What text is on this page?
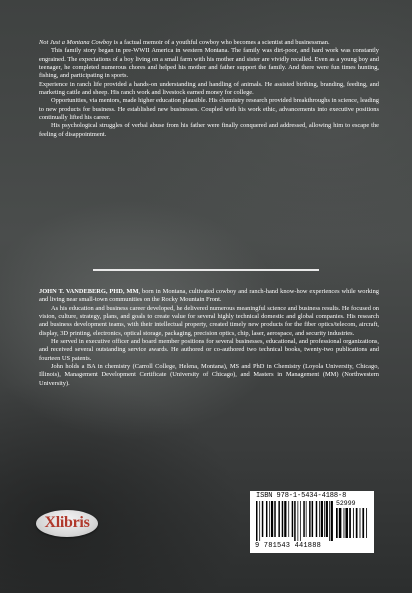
Not Just a Montana Cowboy is a factual memoir of a youthful cowboy who becomes a scientist and businessman.

This family story began in pre-WWII America in western Montana. The family was dirt-poor, and hard work was constantly engrained. The expectations of a boy living on a small farm with his mother and sister are vividly recalled. Even as a young boy and teenager, he completed numerous chores and helped his mother and father support the family. And there were fun times hunting, fishing, and participating in sports.

Experience in ranch life provided a hands-on understanding and handling of animals. He assisted birthing, branding, feeding, and marketing cattle and sheep. His ranch work and livestock earned money for college.

Opportunities, via mentors, made higher education plausible. His chemistry research provided breakthroughs in science, leading to new products for business. He established new businesses. Coupled with his work ethic, advancements into executive positions continually lifted his career.

His psychological struggles of verbal abuse from his father were finally conquered and addressed, allowing him to escape the feeling of disappointment.

JOHN T. VANDEBERG, PHD, MM, born in Montana, cultivated cowboy and ranch-hand know-how experiences while working and living near small-town communities on the Rocky Mountain Front.

As his education and business career developed, he delivered numerous meaningful science and business results. He focused on vision, culture, strategy, plans, and goals to create value for several highly technical domestic and global companies. His research and business development teams, with their intellectual property, created timely new products for the fiber optics/telecom, aircraft, display, 3D printing, electronics, optical storage, packaging, precision optics, chip, laser, aerospace, and security industries.

He served in executive officer and board member positions for several businesses, educational, and professional organizations, and received several outstanding service awards. He authored or co-authored two technical books, twenty-two publications and fourteen US patents.

John holds a BA in chemistry (Carroll College, Helena, Montana), MS and PhD in Chemistry (Loyola University, Chicago, Illinois), Management Development Certificate (University of Chicago), and Masters in Management (MM) (Northwestern University).

Xlibris
ISBN 978-1-5434-4188-8
52999
9 781543 441888
